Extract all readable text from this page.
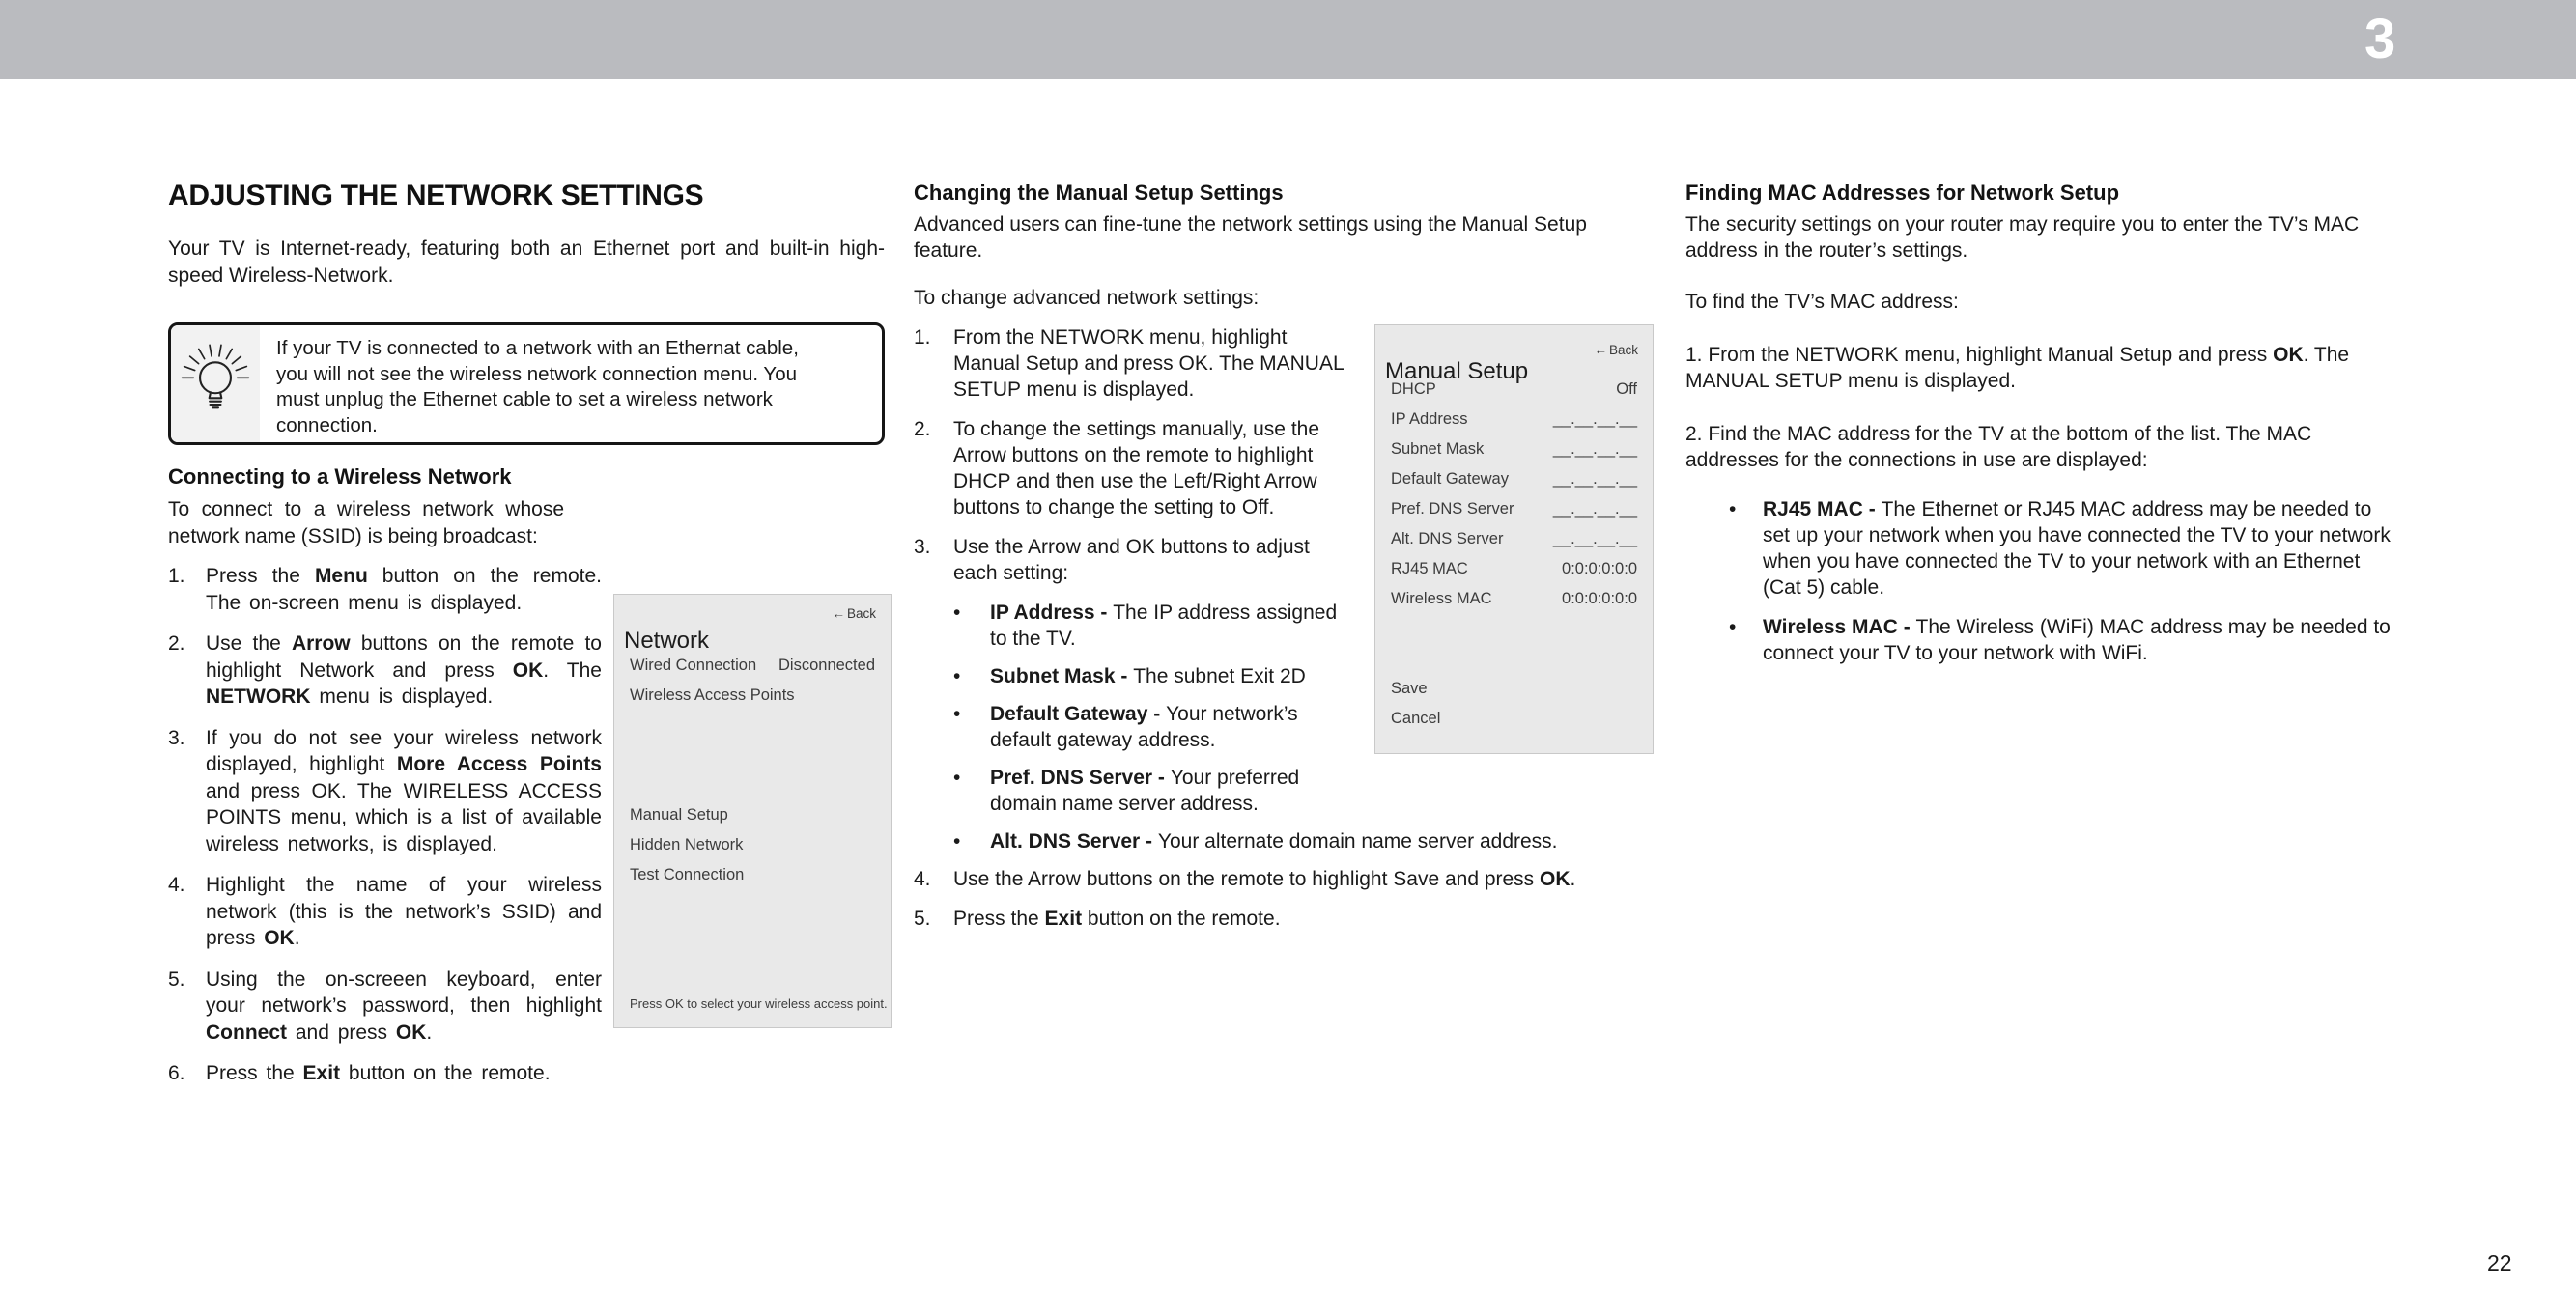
3
ADJUSTING THE NETWORK SETTINGS

Your TV is Internet-ready, featuring both an Ethernet port and built-in high-speed Wireless-Network.

If your TV is connected to a network with an Ethernat cable, you will not see the wireless network connection menu. You must unplug the Ethernet cable to set a wireless network connection.
Connecting to a Wireless Network

To connect to a wireless network whose network name (SSID) is being broadcast:

1. Press the Menu button on the remote. The on-screen menu is displayed.
2. Use the Arrow buttons on the remote to highlight Network and press OK. The NETWORK menu is displayed.
3. If you do not see your wireless network displayed, highlight More Access Points and press OK. The WIRELESS ACCESS POINTS menu, which is a list of available wireless networks, is displayed.
4. Highlight the name of your wireless network (this is the network’s SSID) and press OK.
5. Using the on-screeen keyboard, enter your network’s password, then highlight Connect and press OK.
6. Press the Exit button on the remote.
← Back
Network
Wired Connection Disconnected
Wireless Access Points
Manual Setup
Hidden Network
Test Connection
Press OK to select your wireless access point.
Changing the Manual Setup Settings

Advanced users can fine-tune the network settings using the Manual Setup feature.

To change advanced network settings:

← Back
Manual Setup
DHCP	Off
IP Address	__.__.__.__
Subnet Mask	__.__.__.__
Default Gateway	__.__.__.__
Pref. DNS Server __.__.__.__
Alt. DNS Server	__.__.__.__
RJ45 MAC	0:0:0:0:0:0
Wireless MAC	0:0:0:0:0:0
Save
Cancel
1. From the NETWORK menu, highlight Manual Setup and press OK. The MANUAL SETUP menu is displayed.
2. To change the settings manually, use the Arrow buttons on the remote to highlight DHCP and then use the Left/Right Arrow buttons to change the setting to Off.
3. Use the Arrow and OK buttons to adjust each setting:
• IP Address - The IP address assigned to the TV.
• Subnet Mask - The subnet Exit 2D
• Default Gateway - Your network’s default gateway address.
• Pref. DNS Server - Your preferred domain name server address.
• Alt. DNS Server - Your alternate domain name server address.
4. Use the Arrow buttons on the remote to highlight Save and press OK.
5. Press the Exit button on the remote.
Finding MAC Addresses for Network Setup

The security settings on your router may require you to enter the TV’s MAC address in the router’s settings.

To find the TV’s MAC address:

1. From the NETWORK menu, highlight Manual Setup and press OK. The MANUAL SETUP menu is displayed.

2. Find the MAC address for the TV at the bottom of the list. The MAC addresses for the connections in use are displayed:

• RJ45 MAC - The Ethernet or RJ45 MAC address may be needed to set up your network when you have connected the TV to your network when you have connected the TV to your network with an Ethernet (Cat 5) cable.
• Wireless MAC - The Wireless (WiFi) MAC address may be needed to connect your TV to your network with WiFi.
22
